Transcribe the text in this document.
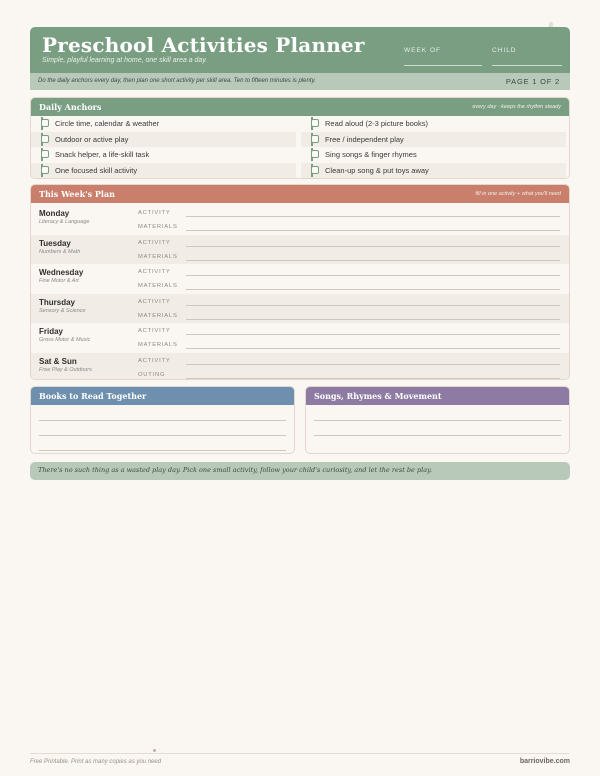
Preschool Activities Planner
Simple, playful learning at home, one skill area a day.
WEEK OF	CHILD
Do the daily anchors every day, then plan one short activity per skill area. Ten to fifteen minutes is plenty.	PAGE 1 OF 2
Daily Anchors	every day · keeps the rhythm steady
Circle time, calendar & weather
Outdoor or active play
Snack helper, a life-skill task
One focused skill activity
Read aloud (2-3 picture books)
Free / independent play
Sing songs & finger rhymes
Clean-up song & put toys away
This Week's Plan	fill in one activity + what you'll need
Monday
Literacy & Language
ACTIVITY
MATERIALS
Tuesday
Numbers & Math
ACTIVITY
MATERIALS
Wednesday
Fine Motor & Art
ACTIVITY
MATERIALS
Thursday
Sensory & Science
ACTIVITY
MATERIALS
Friday
Gross Motor & Music
ACTIVITY
MATERIALS
Sat & Sun
Free Play & Outdoors
ACTIVITY
OUTING
Books to Read Together	Songs, Rhymes & Movement
There's no such thing as a wasted play day. Pick one small activity, follow your child's curiosity, and let the rest be play.
Free Printable. Print as many copies as you need	barriovibe.com
